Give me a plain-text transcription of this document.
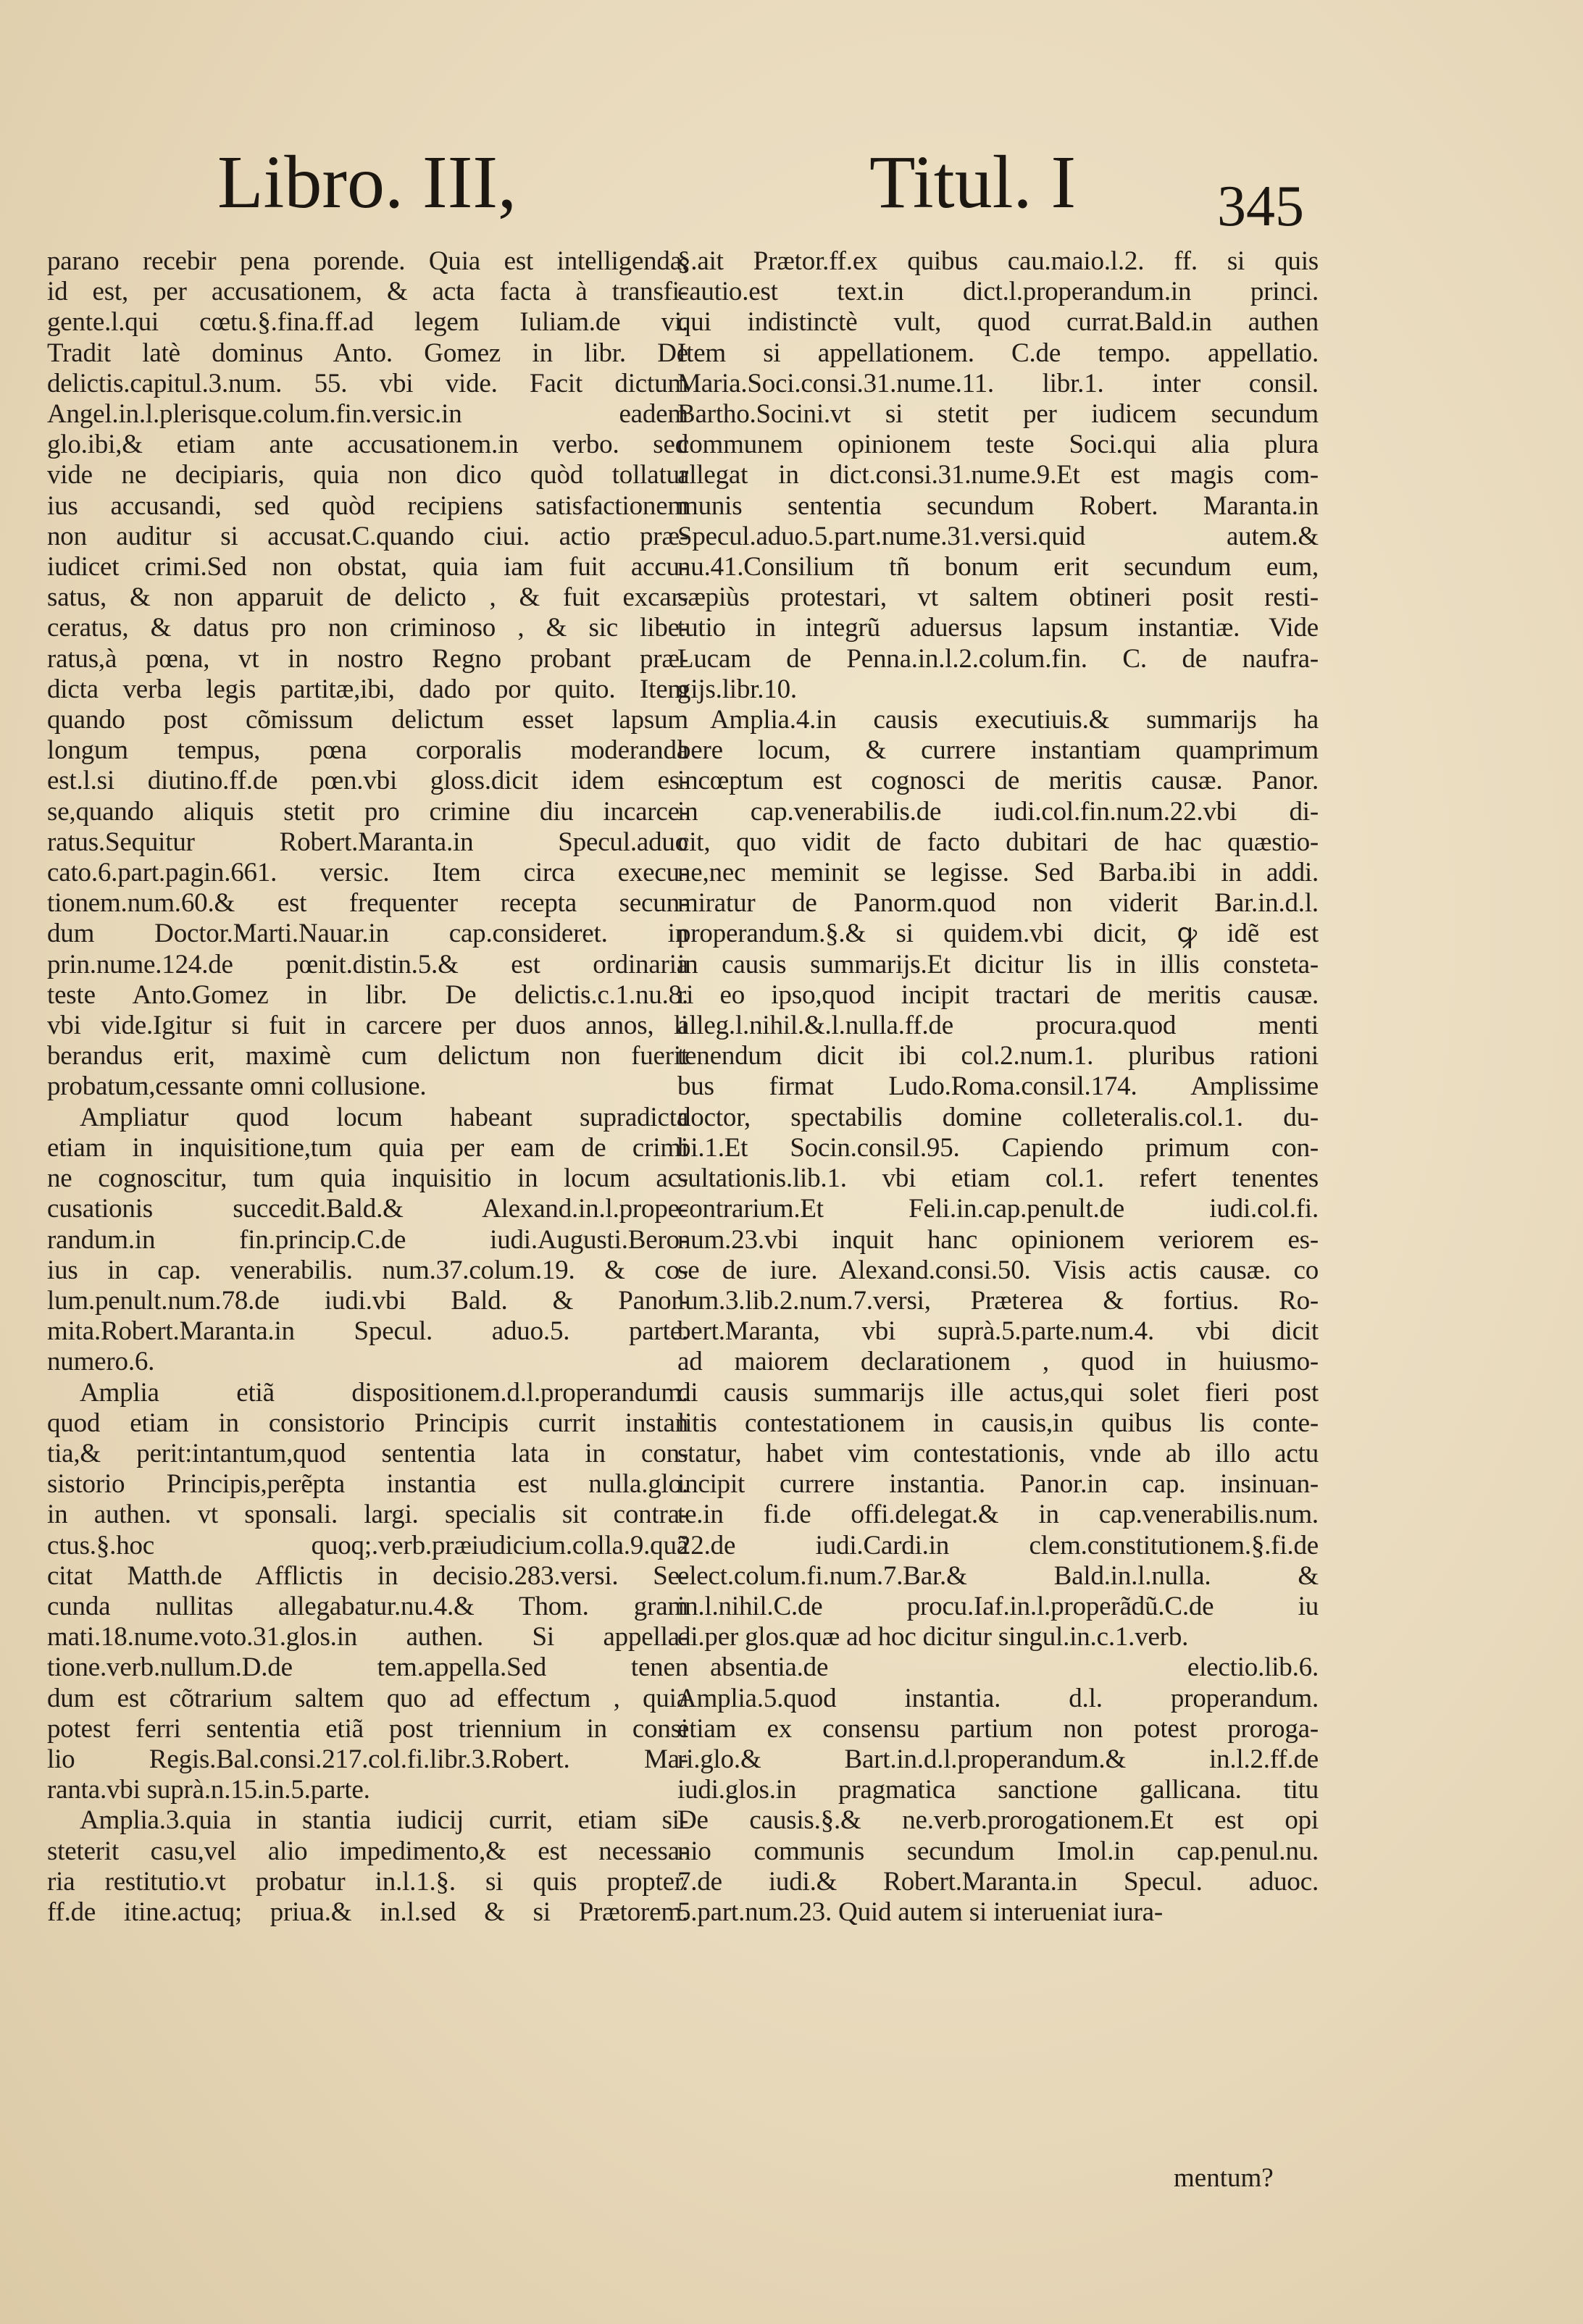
Libro. III,	Titul. I 345
parano recebir pena porende. Quia est intelligenda,
id est, per accusationem, & acta facta à transfi-
gente.l.qui cœtu.§.fina.ff.ad legem Iuliam.de vi.
Tradit latè dominus Anto. Gomez in libr. De
delictis.capitul.3.num. 55. vbi vide. Facit dictum
Angel.in.l.plerisque.colum.fin.versic.in eadem
glo.ibi,& etiam ante accusationem.in verbo. sed
vide ne decipiaris, quia non dico quòd tollatur
ius accusandi, sed quòd recipiens satisfactionem
non auditur si accusat.C.quando ciui. actio præ-
iudicet crimi.Sed non obstat, quia iam fuit accu-
satus, & non apparuit de delicto , & fuit excar-
ceratus, & datus pro non criminoso , & sic libe-
ratus,à pœna, vt in nostro Regno probant præ-
dicta verba legis partitæ,ibi, dado por quito. Item
quando post cõmissum delictum esset lapsum
longum tempus, pœna corporalis moderanda
est.l.si diutino.ff.de pœn.vbi gloss.dicit idem es-
se,quando aliquis stetit pro crimine diu incarce-
ratus.Sequitur Robert.Maranta.in Specul.aduo
cato.6.part.pagin.661. versic. Item circa execu-
tionem.num.60.& est frequenter recepta secun-
dum Doctor.Marti.Nauar.in cap.consideret. in
prin.nume.124.de pœnit.distin.5.& est ordinaria
teste Anto.Gomez in libr. De delictis.c.1.nu.8.
vbi vide.Igitur si fuit in carcere per duos annos, li
berandus erit, maximè cum delictum non fuerit
probatum,cessante omni collusione.
Ampliatur quod locum habeant supradicta
etiam in inquisitione,tum quia per eam de crimi
ne cognoscitur, tum quia inquisitio in locum ac-
cusationis succedit.Bald.& Alexand.in.l.prope-
randum.in fin.princip.C.de iudi.Augusti.Bero-
ius in cap. venerabilis. num.37.colum.19. & co-
lum.penult.num.78.de iudi.vbi Bald. & Panor-
mita.Robert.Maranta.in Specul. aduo.5. parte.
numero.6.
Amplia etiã dispositionem.d.l.properandum.
quod etiam in consistorio Principis currit instan
tia,& perit:intantum,quod sententia lata in con-
sistorio Principis,perẽpta instantia est nulla.glo.
in authen. vt sponsali. largi. specialis sit contra-
ctus.§.hoc quoq;.verb.præiudicium.colla.9.quã
citat Matth.de Afflictis in decisio.283.versi. Se-
cunda nullitas allegabatur.nu.4.& Thom. gram
mati.18.nume.voto.31.glos.in authen. Si appella-
tione.verb.nullum.D.de tem.appella.Sed tenen
dum est cõtrarium saltem quo ad effectum , quia
potest ferri sententia etiã post triennium in consi
lio Regis.Bal.consi.217.col.fi.libr.3.Robert. Ma-
ranta.vbi suprà.n.15.in.5.parte.
Amplia.3.quia in stantia iudicij currit, etiam si-
steterit casu,vel alio impedimento,& est necessa-
ria restitutio.vt probatur in.l.1.§. si quis propter.
ff.de itine.actuq; priua.& in.l.sed & si Prætorem.
§.ait Prætor.ff.ex quibus cau.maio.l.2. ff. si quis
cautio.est text.in dict.l.properandum.in princi.
qui indistinctè vult, quod currat.Bald.in authen
Item si appellationem. C.de tempo. appellatio.
Maria.Soci.consi.31.nume.11. libr.1. inter consil.
Bartho.Socini.vt si stetit per iudicem secundum
communem opinionem teste Soci.qui alia plura
allegat in dict.consi.31.nume.9.Et est magis com-
munis sententia secundum Robert. Maranta.in
Specul.aduo.5.part.nume.31.versi.quid autem.&
nu.41.Consilium tñ bonum erit secundum eum,
sæpiùs protestari, vt saltem obtineri posit resti-
tutio in integrũ aduersus lapsum instantiæ. Vide
Lucam de Penna.in.l.2.colum.fin. C. de naufra-
gijs.libr.10.
Amplia.4.in causis executiuis.& summarijs ha
bere locum, & currere instantiam quamprimum
incœptum est cognosci de meritis causæ. Panor.
in cap.venerabilis.de iudi.col.fin.num.22.vbi di-
cit, quo vidit de facto dubitari de hac quæstio-
ne,nec meminit se legisse. Sed Barba.ibi in addi.
miratur de Panorm.quod non viderit Bar.in.d.l.
properandum.§.& si quidem.vbi dicit, ꝙ idẽ est
in causis summarijs.Et dicitur lis in illis consteta-
ri eo ipso,quod incipit tractari de meritis causæ.
alleg.l.nihil.&.l.nulla.ff.de procura.quod menti
tenendum dicit ibi col.2.num.1. pluribus rationi
bus firmat Ludo.Roma.consil.174. Amplissime
doctor, spectabilis domine colleteralis.col.1. du-
bi.1.Et Socin.consil.95. Capiendo primum con-
sultationis.lib.1. vbi etiam col.1. refert tenentes
contrarium.Et Feli.in.cap.penult.de iudi.col.fi.
num.23.vbi inquit hanc opinionem veriorem es-
se de iure. Alexand.consi.50. Visis actis causæ. co
lum.3.lib.2.num.7.versi, Præterea & fortius. Ro-
bert.Maranta, vbi suprà.5.parte.num.4. vbi dicit
ad maiorem declarationem , quod in huiusmo-
di causis summarijs ille actus,qui solet fieri post
litis contestationem in causis,in quibus lis conte-
statur, habet vim contestationis, vnde ab illo actu
incipit currere instantia. Panor.in cap. insinuan-
te.in fi.de offi.delegat.& in cap.venerabilis.num.
22.de iudi.Cardi.in clem.constitutionem.§.fi.de
elect.colum.fi.num.7.Bar.& Bald.in.l.nulla. &
in.l.nihil.C.de procu.Iaf.in.l.properãdũ.C.de iu
di.per glos.quæ ad hoc dicitur singul.in.c.1.verb.
absentia.de electio.lib.6.
Amplia.5.quod instantia. d.l. properandum.
etiam ex consensu partium non potest proroga-
ri.glo.& Bart.in.d.l.properandum.& in.l.2.ff.de
iudi.glos.in pragmatica sanctione gallicana. titu
De causis.§.& ne.verb.prorogationem.Et est opi
nio communis secundum Imol.in cap.penul.nu.
7.de iudi.& Robert.Maranta.in Specul. aduoc.
5.part.num.23. Quid autem si interueniat iura-
mentum?
